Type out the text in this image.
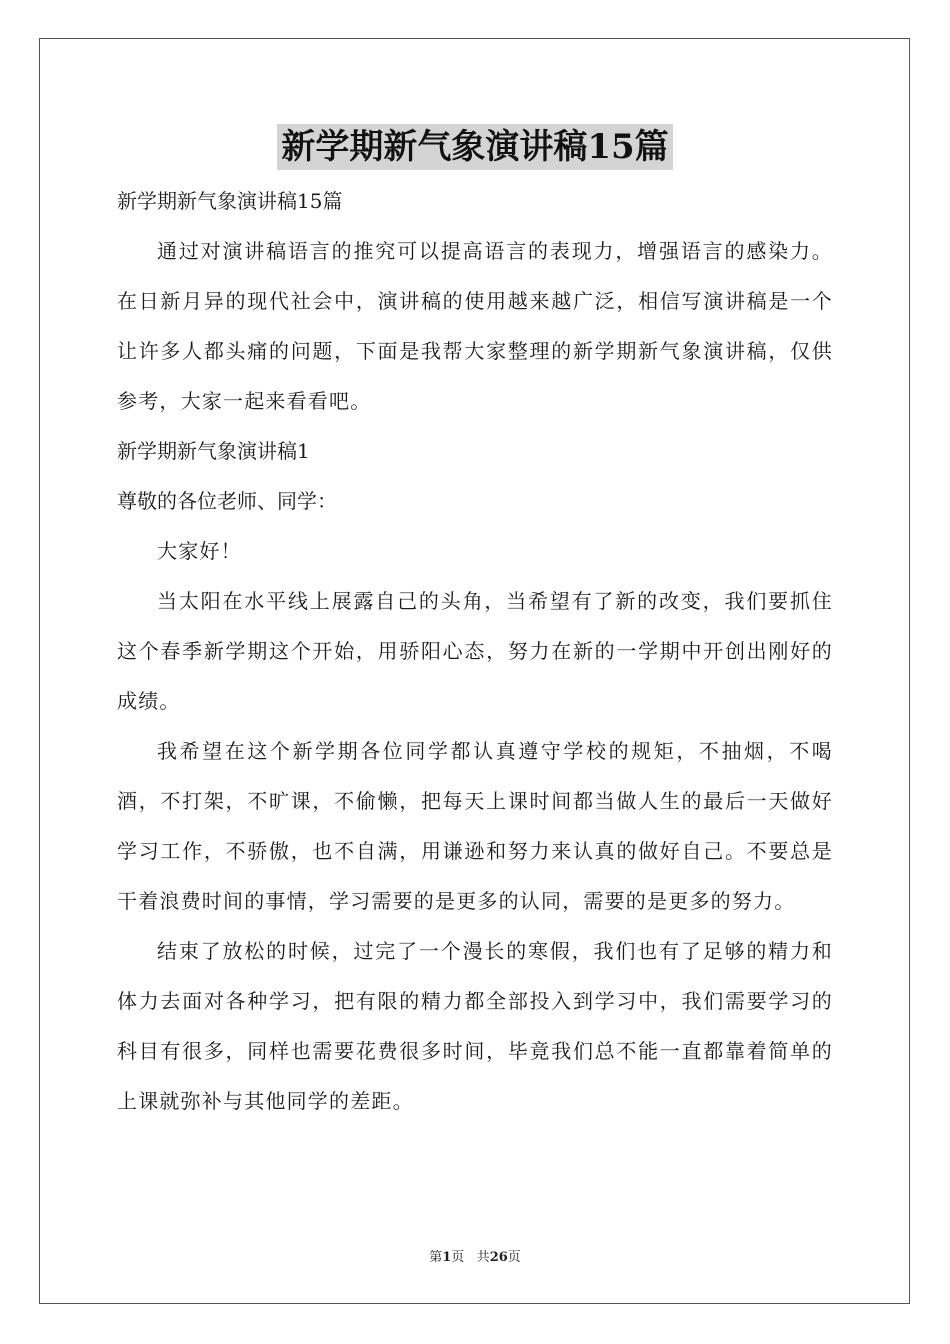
新学期新气象演讲稿15篇

新学期新气象演讲稿15篇

通过对演讲稿语言的推究可以提高语言的表现力，增强语言的感染力。在日新月异的现代社会中，演讲稿的使用越来越广泛，相信写演讲稿是一个让许多人都头痛的问题，下面是我帮大家整理的新学期新气象演讲稿，仅供参考，大家一起来看看吧。

新学期新气象演讲稿1

尊敬的各位老师、同学：

大家好！

当太阳在水平线上展露自己的头角，当希望有了新的改变，我们要抓住这个春季新学期这个开始，用骄阳心态，努力在新的一学期中开创出刚好的成绩。

我希望在这个新学期各位同学都认真遵守学校的规矩，不抽烟，不喝酒，不打架，不旷课，不偷懒，把每天上课时间都当做人生的最后一天做好学习工作，不骄傲，也不自满，用谦逊和努力来认真的做好自己。不要总是干着浪费时间的事情，学习需要的是更多的认同，需要的是更多的努力。

结束了放松的时候，过完了一个漫长的寒假，我们也有了足够的精力和体力去面对各种学习，把有限的精力都全部投入到学习中，我们需要学习的科目有很多，同样也需要花费很多时间，毕竟我们总不能一直都靠着简单的上课就弥补与其他同学的差距。

第1页 共26页
